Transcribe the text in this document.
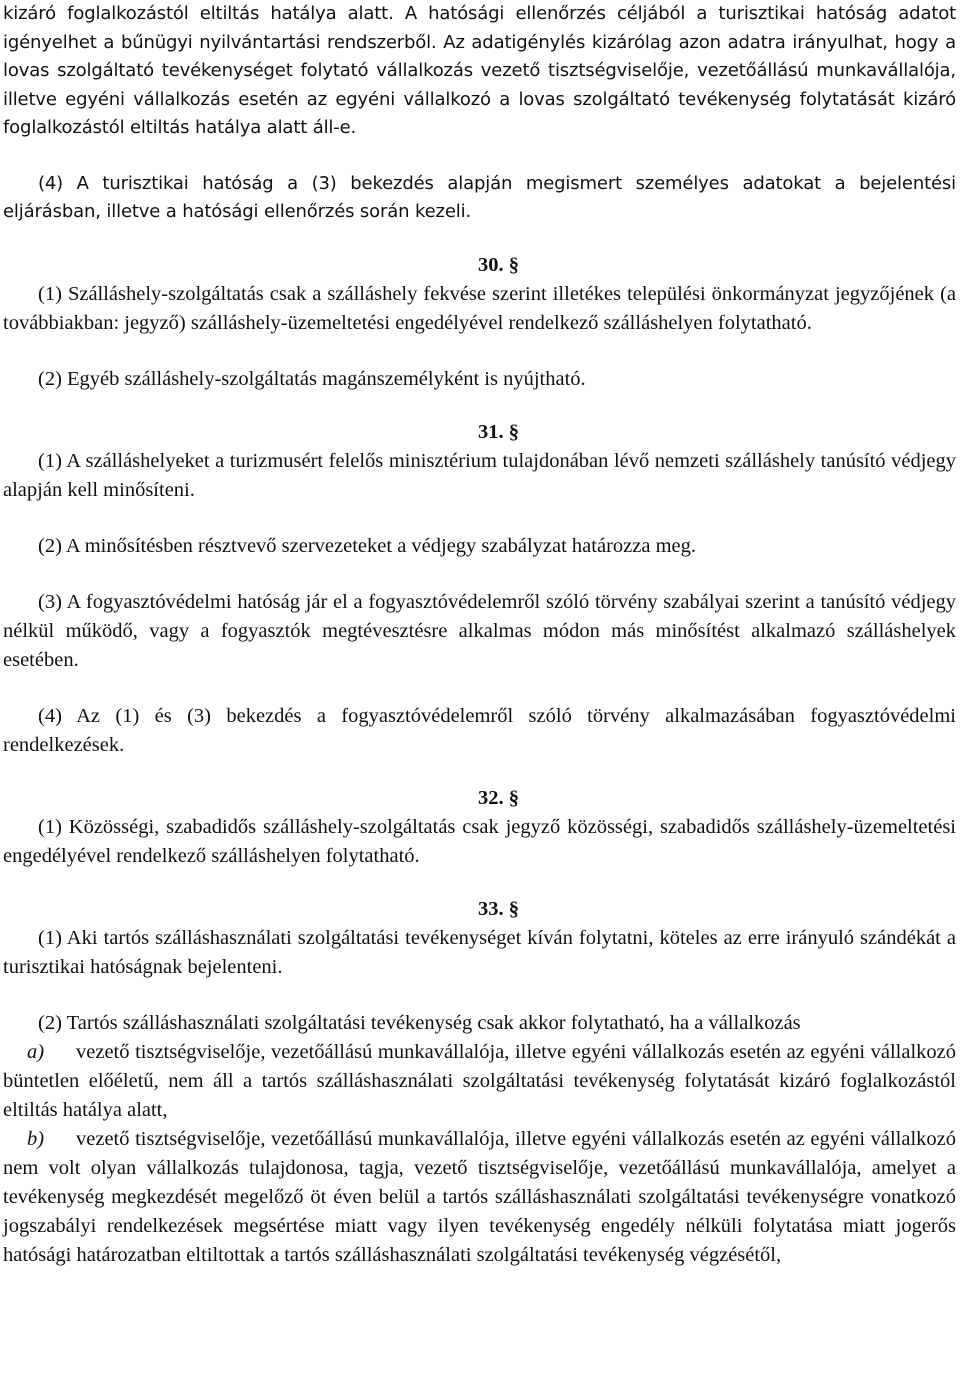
kizáró foglalkozástól eltiltás hatálya alatt. A hatósági ellenőrzés céljából a turisztikai hatóság adatot igényelhet a bűnügyi nyilvántartási rendszerből. Az adatigénylés kizárólag azon adatra irányulhat, hogy a lovas szolgáltató tevékenységet folytató vállalkozás vezető tisztségviselője, vezetőállású munkavállalója, illetve egyéni vállalkozás esetén az egyéni vállalkozó a lovas szolgáltató tevékenység folytatását kizáró foglalkozástól eltiltás hatálya alatt áll-e.

(4) A turisztikai hatóság a (3) bekezdés alapján megismert személyes adatokat a bejelentési eljárásban, illetve a hatósági ellenőrzés során kezeli.

30. §

(1) Szálláshely-szolgáltatás csak a szálláshely fekvése szerint illetékes települési önkormányzat jegyzőjének (a továbbiakban: jegyző) szálláshely-üzemeltetési engedélyével rendelkező szálláshelyen folytatható.

(2) Egyéb szálláshely-szolgáltatás magánszemélyként is nyújtható.

31. §

(1) A szálláshelyeket a turizmusért felelős minisztérium tulajdonában lévő nemzeti szálláshely tanúsító védjegy alapján kell minősíteni.

(2) A minősítésben résztvevő szervezeteket a védjegy szabályzat határozza meg.

(3) A fogyasztóvédelmi hatóság jár el a fogyasztóvédelemről szóló törvény szabályai szerint a tanúsító védjegy nélkül működő, vagy a fogyasztók megtévesztésre alkalmas módon más minősítést alkalmazó szálláshelyek esetében.

(4) Az (1) és (3) bekezdés a fogyasztóvédelemről szóló törvény alkalmazásában fogyasztóvédelmi rendelkezések.

32. §

(1) Közösségi, szabadidős szálláshely-szolgáltatás csak jegyző közösségi, szabadidős szálláshely-üzemeltetési engedélyével rendelkező szálláshelyen folytatható.

33. §

(1) Aki tartós szálláshasználati szolgáltatási tevékenységet kíván folytatni, köteles az erre irányuló szándékát a turisztikai hatóságnak bejelenteni.

(2) Tartós szálláshasználati szolgáltatási tevékenység csak akkor folytatható, ha a vállalkozás

a) vezető tisztségviselője, vezetőállású munkavállalója, illetve egyéni vállalkozás esetén az egyéni vállalkozó büntetlen előéletű, nem áll a tartós szálláshasználati szolgáltatási tevékenység folytatását kizáró foglalkozástól eltiltás hatálya alatt,

b) vezető tisztségviselője, vezetőállású munkavállalója, illetve egyéni vállalkozás esetén az egyéni vállalkozó nem volt olyan vállalkozás tulajdonosa, tagja, vezető tisztségviselője, vezetőállású munkavállalója, amelyet a tevékenység megkezdését megelőző öt éven belül a tartós szálláshasználati szolgáltatási tevékenységre vonatkozó jogszabályi rendelkezések megsértése miatt vagy ilyen tevékenység engedély nélküli folytatása miatt jogerős hatósági határozatban eltiltottak a tartós szálláshasználati szolgáltatási tevékenység végzésétől,
